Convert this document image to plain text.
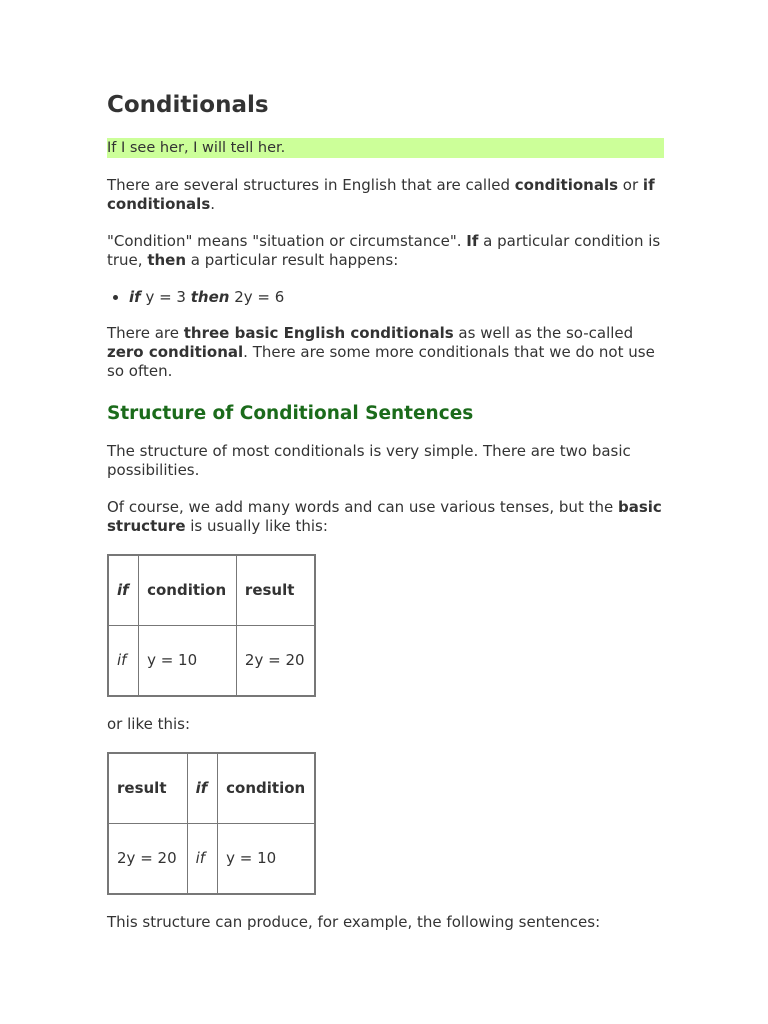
Conditionals
If I see her, I will tell her.

There are several structures in English that are called conditionals or if
conditionals.

"Condition" means "situation or circumstance". If a particular condition is true, then a particular result happens:

• if y = 3 then 2y = 6

There are three basic English conditionals as well as the so-called zero conditional. There are some more conditionals that we do not use so often.

Structure of Conditional Sentences

The structure of most conditionals is very simple. There are two basic possibilities.

Of course, we add many words and can use various tenses, but the basic structure is usually like this:

if	condition	result
if	y = 10	2y = 20

or like this:

result	if	condition
2y = 20	if	y = 10

This structure can produce, for example, the following sentences:
